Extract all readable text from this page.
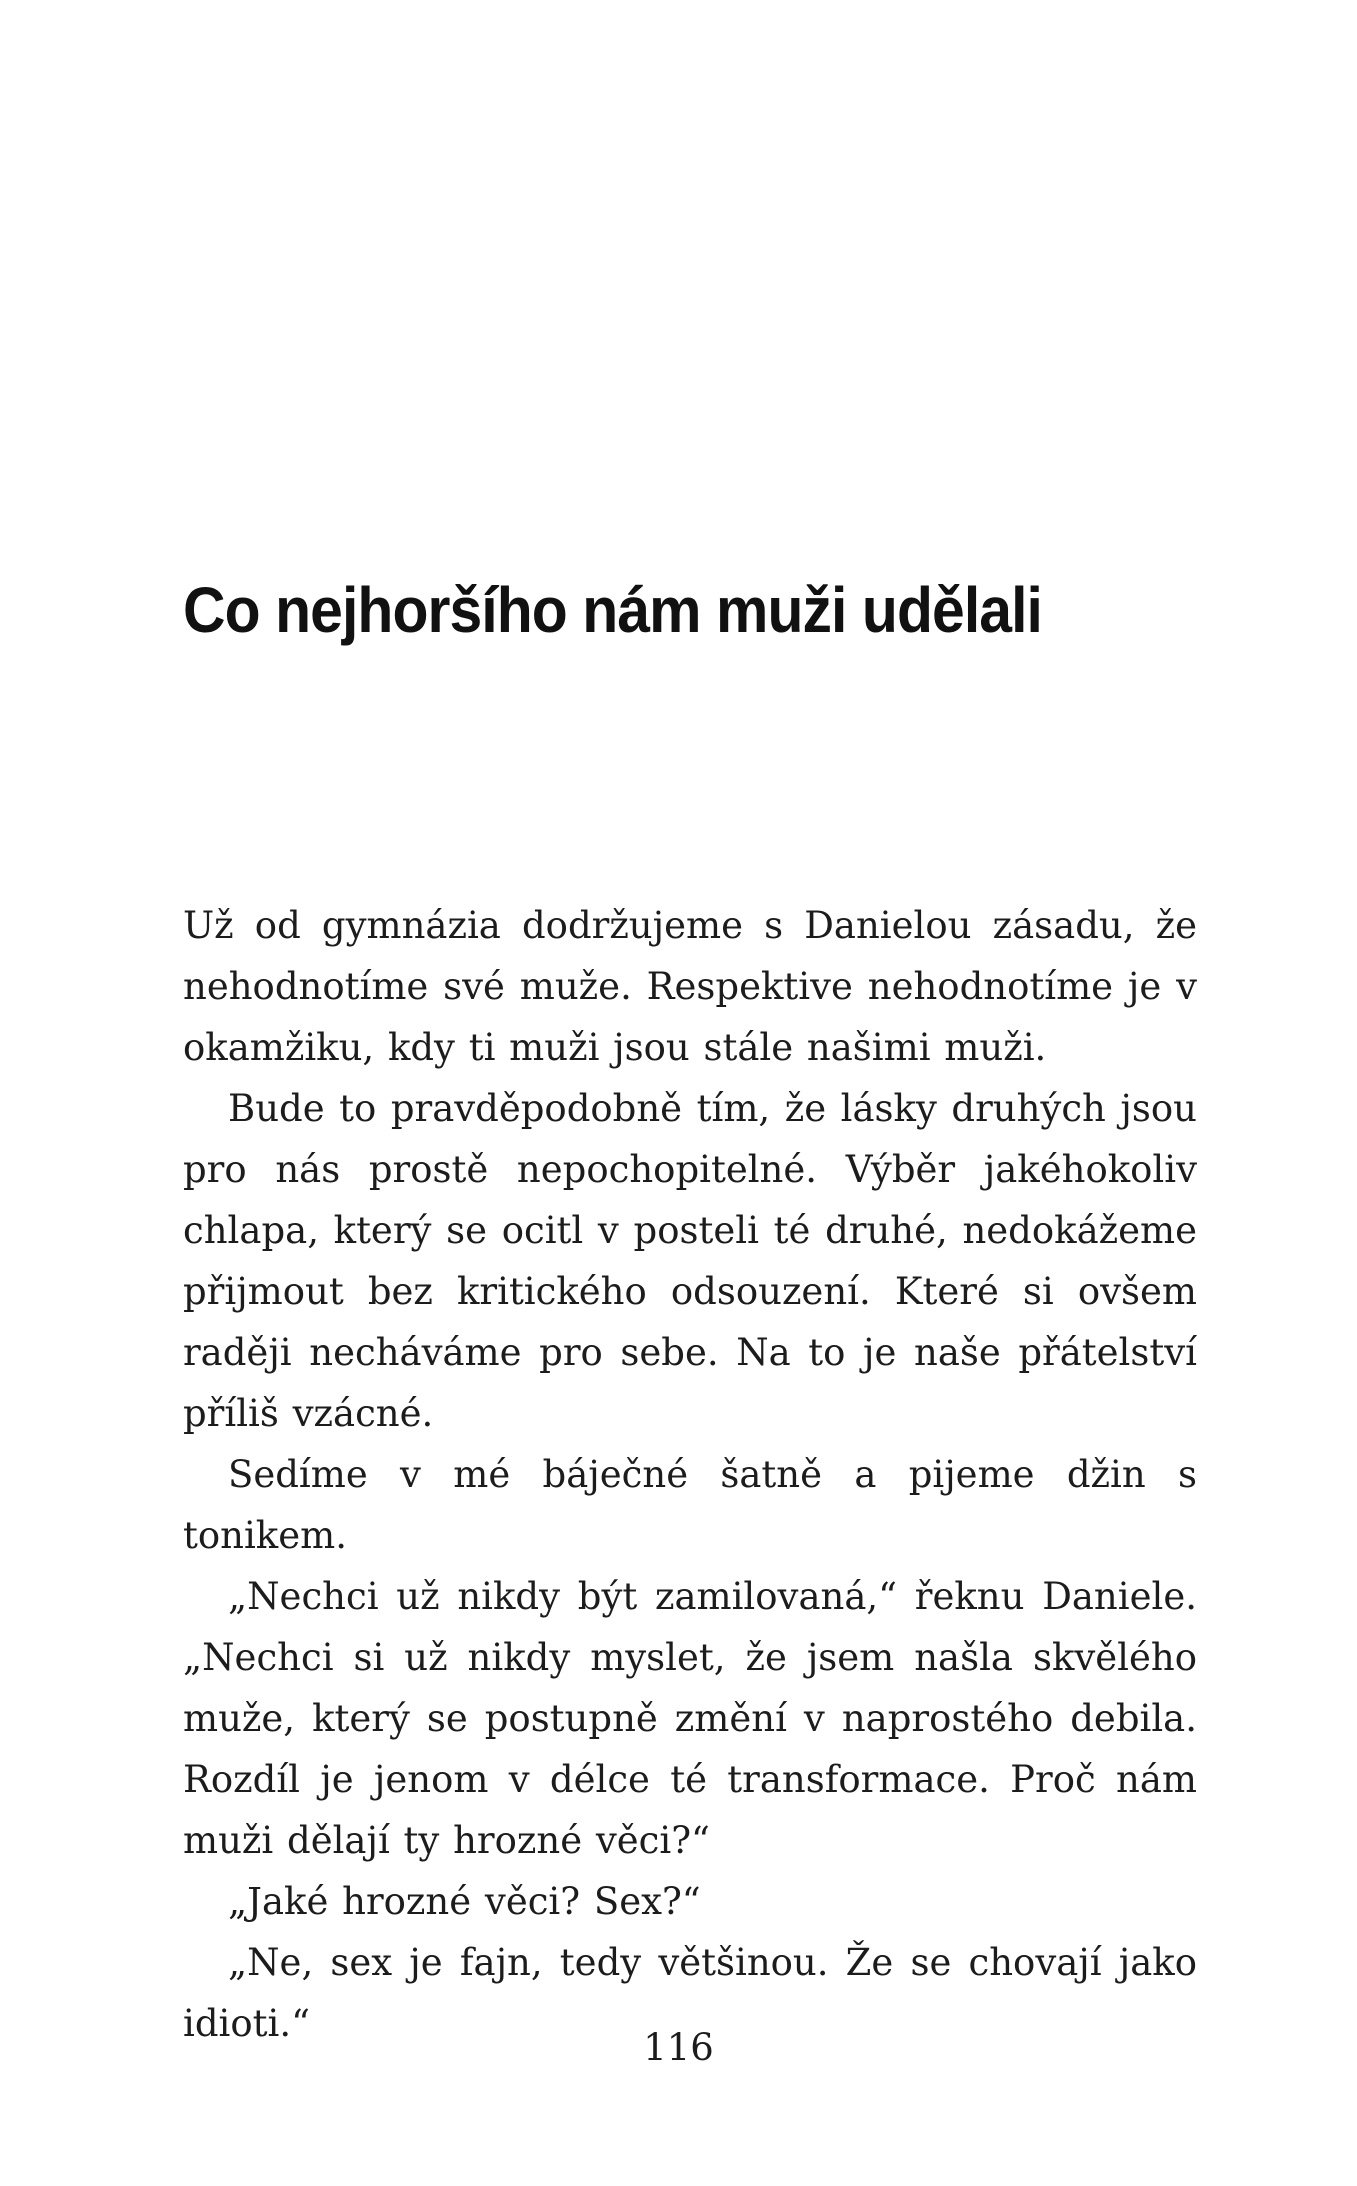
Co nejhoršího nám muži udělali

Už od gymnázia dodržujeme s Danielou zásadu, že nehodnotíme své muže. Respektive nehodnotíme je v okamžiku, kdy ti muži jsou stále našimi muži.

Bude to pravděpodobně tím, že lásky druhých jsou pro nás prostě nepochopitelné. Výběr jakéhokoliv chlapa, který se ocitl v posteli té druhé, nedokážeme přijmout bez kritického odsouzení. Které si ovšem raději necháváme pro sebe. Na to je naše přátelství příliš vzácné.

Sedíme v mé báječné šatně a pijeme džin s tonikem.

„Nechci už nikdy být zamilovaná,“ řeknu Daniele. „Nechci si už nikdy myslet, že jsem našla skvělého muže, který se postupně změní v naprostého debila. Rozdíl je jenom v délce té transformace. Proč nám muži dělají ty hrozné věci?“

„Jaké hrozné věci? Sex?“

„Ne, sex je fajn, tedy většinou. Že se chovají jako idioti.“

116
